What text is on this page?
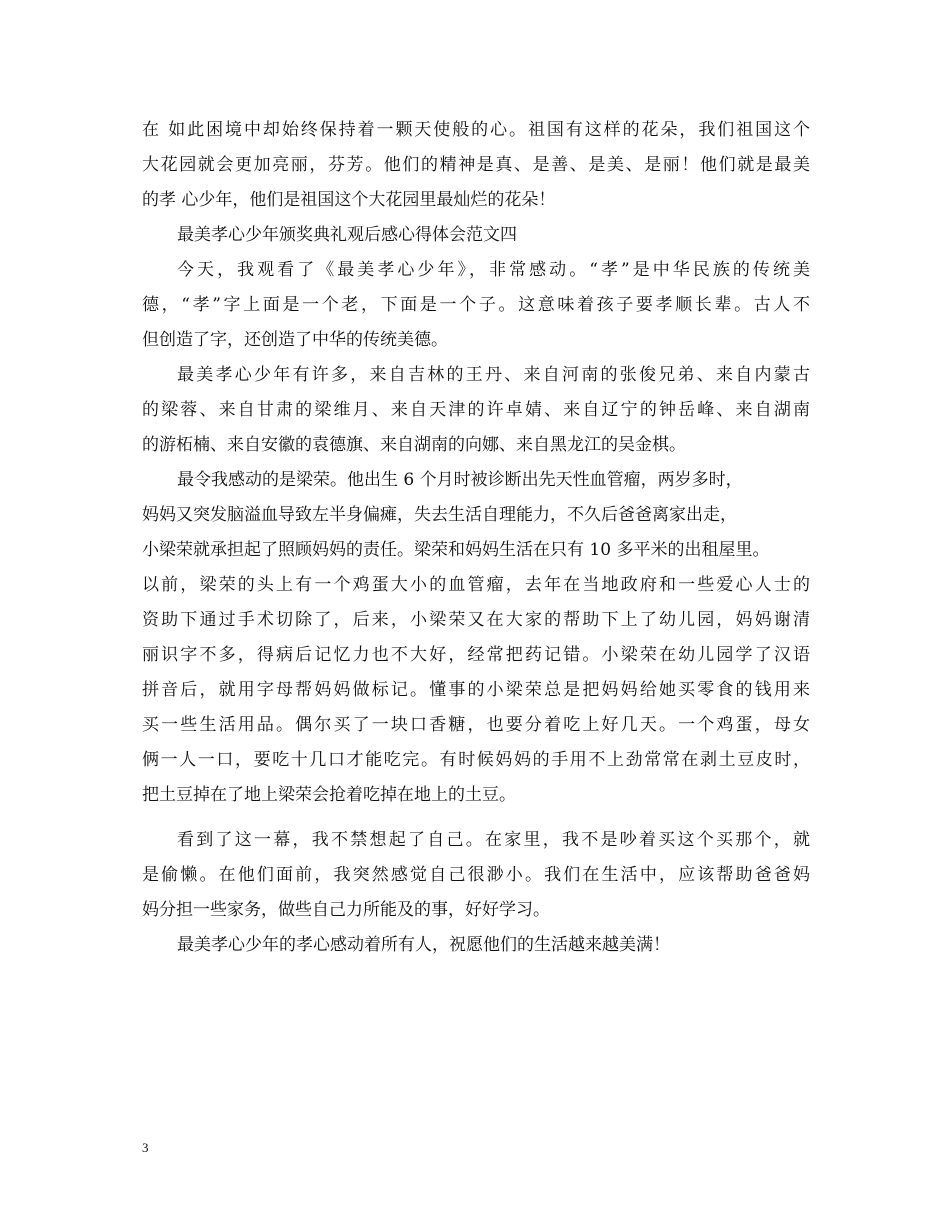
在 如此困境中却始终保持着一颗天使般的心。祖国有这样的花朵，我们祖国这个
大花园就会更加亮丽，芬芳。他们的精神是真、是善、是美、是丽！他们就是最美
的孝 心少年，他们是祖国这个大花园里最灿烂的花朵！
最美孝心少年颁奖典礼观后感心得体会范文四
今天，我观看了《最美孝心少年》，非常感动。“孝”是中华民族的传统美
德，“孝”字上面是一个老，下面是一个子。这意味着孩子要孝顺长辈。古人不
但创造了字，还创造了中华的传统美德。
最美孝心少年有许多，来自吉林的王丹、来自河南的张俊兄弟、来自内蒙古
的梁蓉、来自甘肃的梁维月、来自天津的许卓婧、来自辽宁的钟岳峰、来自湖南
的游柘楠、来自安徽的袁德旗、来自湖南的向娜、来自黑龙江的吴金棋。
最令我感动的是梁荣。他出生 6 个月时被诊断出先天性血管瘤，两岁多时，
妈妈又突发脑溢血导致左半身偏瘫，失去生活自理能力，不久后爸爸离家出走，
小梁荣就承担起了照顾妈妈的责任。梁荣和妈妈生活在只有 10 多平米的出租屋里。
以前，梁荣的头上有一个鸡蛋大小的血管瘤，去年在当地政府和一些爱心人士的
资助下通过手术切除了，后来，小梁荣又在大家的帮助下上了幼儿园，妈妈谢清
丽识字不多，得病后记忆力也不大好，经常把药记错。小梁荣在幼儿园学了汉语
拼音后，就用字母帮妈妈做标记。懂事的小梁荣总是把妈妈给她买零食的钱用来
买一些生活用品。偶尔买了一块口香糖，也要分着吃上好几天。一个鸡蛋，母女
俩一人一口，要吃十几口才能吃完。有时候妈妈的手用不上劲常常在剥土豆皮时，
把土豆掉在了地上梁荣会抢着吃掉在地上的土豆。
看到了这一幕，我不禁想起了自己。在家里，我不是吵着买这个买那个，就
是偷懒。在他们面前，我突然感觉自己很渺小。我们在生活中，应该帮助爸爸妈
妈分担一些家务，做些自己力所能及的事，好好学习。
最美孝心少年的孝心感动着所有人，祝愿他们的生活越来越美满！
3
